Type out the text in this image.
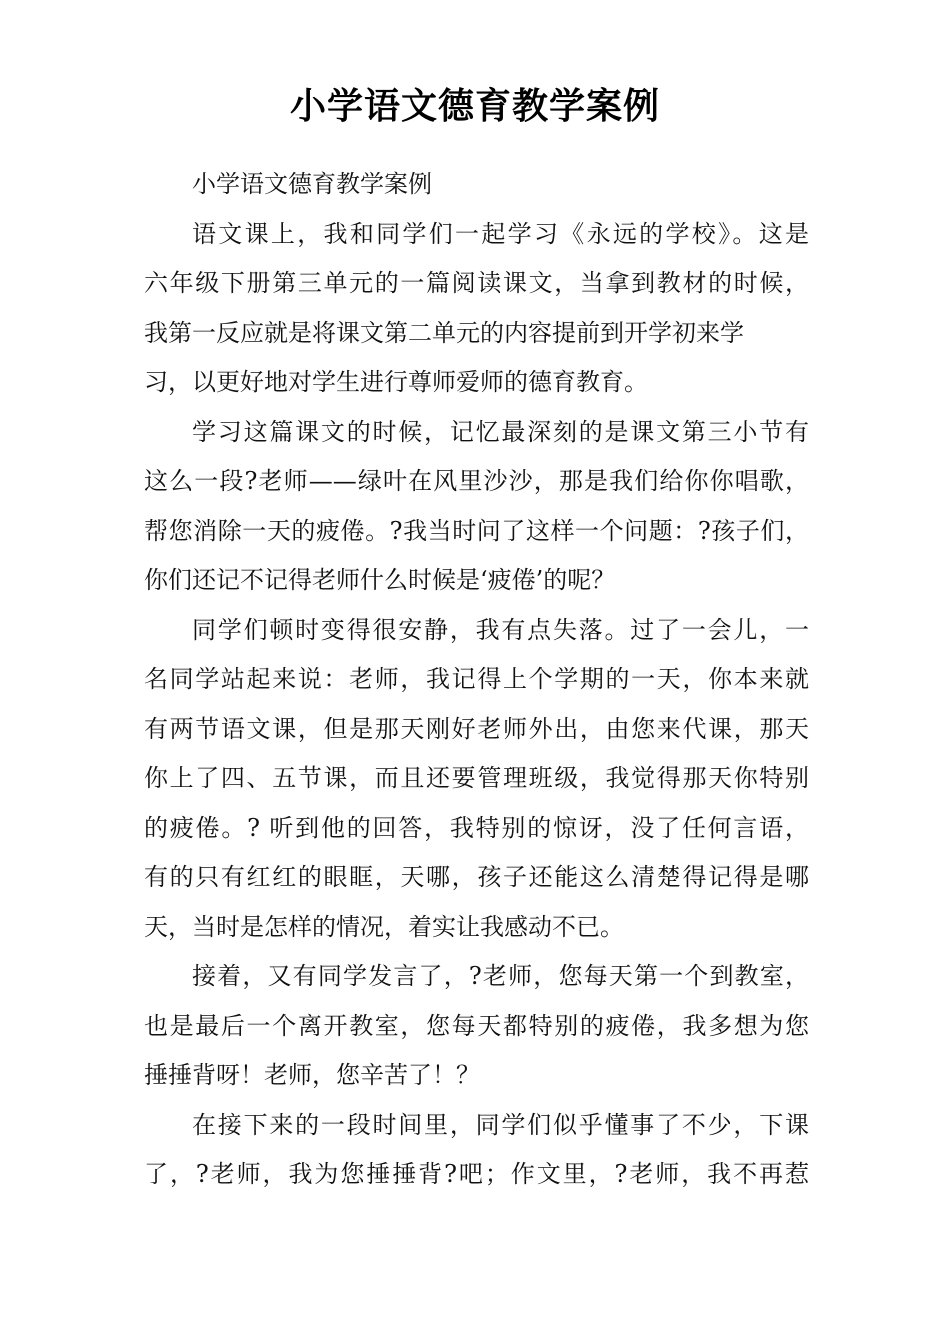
小学语文德育教学案例
小学语文德育教学案例
语文课上，我和同学们一起学习《永远的学校》。这是
六年级下册第三单元的一篇阅读课文，当拿到教材的时候，
我第一反应就是将课文第二单元的内容提前到开学初来学
习，以更好地对学生进行尊师爱师的德育教育。
学习这篇课文的时候，记忆最深刻的是课文第三小节有
这么一段?老师——绿叶在风里沙沙，那是我们给你你唱歌，
帮您消除一天的疲倦。?我当时问了这样一个问题：?孩子们，
你们还记不记得老师什么时候是‘疲倦’的呢？
同学们顿时变得很安静，我有点失落。过了一会儿，一
名同学站起来说：老师，我记得上个学期的一天，你本来就
有两节语文课，但是那天刚好老师外出，由您来代课，那天
你上了四、五节课，而且还要管理班级，我觉得那天你特别
的疲倦。? 听到他的回答，我特别的惊讶，没了任何言语，
有的只有红红的眼眶，天哪，孩子还能这么清楚得记得是哪
天，当时是怎样的情况，着实让我感动不已。
接着，又有同学发言了，?老师，您每天第一个到教室，
也是最后一个离开教室，您每天都特别的疲倦，我多想为您
捶捶背呀！老师，您辛苦了！？
在接下来的一段时间里，同学们似乎懂事了不少，下课
了，?老师，我为您捶捶背?吧；作文里，?老师，我不再惹
